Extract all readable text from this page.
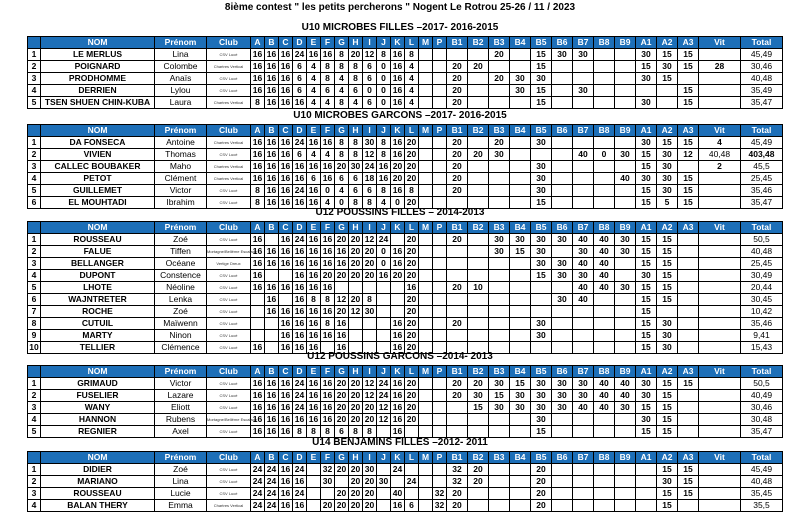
8ième contest " les petits percherons " Nogent Le Rotrou 25-26 / 11 / 2023
U10 MICROBES FILLES –2017- 2016-2015
	NOM	Prénom	Club	A	B	C	D	E	F	G	H	I	J	K	L	M	P	B1	B2	B3	B4	B5	B6	B7	B8	B9	A1	A2	A3	Vit	Total	
1	LE MERLUS	Lina	CSV Lucé	16	16	16	24	16	16	8	20	12	8	16	8					20		15	30	30			30	15	15		45,49	
2	POIGNARD	Colombe	Chartres Vertical	16	16	16	6	4	8	8	8	6	0	16	4			20	20			15					15	30	15	28	30,46	
3	PRODHOMME	Anaïs	CSV Lucé	16	16	16	6	4	8	4	8	6	0	16	4			20		20	30	30					30	15			40,48	
4	DERRIEN	Lylou	CSV Lucé	16	16	16	6	4	6	4	6	0	0	16	4			20			30	15		30					15		35,49	
5	TSEN SHUEN CHIN-KUBA	Laura	Chartres Vertical	8	16	16	16	4	4	8	4	6	0	16	4			20				15					30		15		35,47	
U10 MICROBES GARCONS –2017- 2016-2015
	NOM	Prénom	Club	A	B	C	D	E	F	G	H	I	J	K	L	M	P	B1	B2	B3	B4	B5	B6	B7	B8	B9	A1	A2	A3	Vit	Total	
1	DA FONSECA	Antoine	Chartres Vertical	16	16	16	24	16	16	8	8	30	8	16	20			20		20		30					30	15	15	4	45,49	
2	VIVIEN	Thomas	CSV Lucé	16	16	16	6	4	4	8	8	12	8	16	20			20	20	30				40	0	30	15	30	12	40,48	403,48	
3	CALLEC BOUBAKER	Maho	Chartres Vertical	16	16	16	16	16	16	20	30	24	16	20	20			20				30					15	30		2	45,5	
4	PETOT	Clément	Chartres Vertical	16	16	16	16	6	16	6	6	18	16	20	20			20				30				40	30	30	15		25,45	
5	GUILLEMET	Victor	CSV Lucé	8	16	16	24	16	0	4	6	6	8	16	8			20				30					15	30	15		35,46	
6	EL MOUHTADI	Ibrahim	CSV Lucé	8	16	16	16	16	4	0	8	8	4	0	20							15					15	5	15		35,47	
U12 POUSSINS FILLES – 2014-2013
	NOM	Prénom	Club	A	B	C	D	E	F	G	H	I	J	K	L	M	P	B1	B2	B3	B4	B5	B6	B7	B8	B9	A1	A2	A3	Vit	Total	
1	ROUSSEAU	Zoé	CSV Lucé	16		16	24	16	16	20	20	12	24		20			20		30	30	30	30	40	40	30	15	15			50,5	
2	FALUE	Tiffen	Mortagne/Bellême Escalade	16	16	16	16	16	16	16	20	20	0	16	20					30	15	30		30	40	30	15	15			40,48	
3	BELLANGER	Océane	Vertige Dreux	16	16	16	16	16	16	16	20	20	0	16	20							30	30	40	40		15	15			25,45	
4	DUPONT	Constence	CSV Lucé	16			16	16	20	20	20	20	16	20	20							15	30	30	40		30	15			30,49	
5	LHOTE	Néoline	CSV Lucé	16	16	16	16	16	16						16			20	10					40	40	30	15	15			20,44	
6	WAJNTRETER	Lenka	CSV Lucé		16		16	8	8	12	20	8			20								30	40			15	15			30,45	
7	ROCHE	Zoé	CSV Lucé		16	16	16	16	16	20	12	30			20												15				10,42	
8	CUTUIL	Maïwenn	CSV Lucé			16	16	16	8	16				16	20			20				30					15	30			35,46	
9	MARTY	Ninon	CSV Lucé			16	16	16	16	16				16	20							30					15	30			9,41	
10	TELLIER	Clémence	CSV Lucé	16		16	16	16		16				16	20												15	30			15,43	
U12 POUSSINS GARCONS –2014- 2013
	NOM	Prénom	Club	A	B	C	D	E	F	G	H	I	J	K	L	M	P	B1	B2	B3	B4	B5	B6	B7	B8	B9	A1	A2	A3	Vit	Total	
1	GRIMAUD	Victor	CSV Lucé	16	16	16	24	16	16	20	20	12	24	16	20			20	20	30	15	30	30	30	40	40	30	15	15		50,5	
2	FUSELIER	Lazare	CSV Lucé	16	16	16	24	16	16	20	20	12	24	16	20			20	30	15	30	30	30	30	40	40	30	15			40,49	
3	WANY	Eliott	CSV Lucé	16	16	16	24	16	16	20	20	20	12	16	20				15	30	30	30	30	40	40	30	15	15			30,46	
4	HANNON	Rubens	Mortagne/Bellême Escalade	16	16	16	16	16	16	20	20	20	12	16	20							30					30	15			30,48	
5	REGNIER	Axel	CSV Lucé	16	16	16	8	8	8	6	8	8		16								15					15	15			35,47	
U14 BENJAMINS FILLES –2012- 2011
	NOM	Prénom	Club	A	B	C	D	E	F	G	H	I	J	K	L	M	P	B1	B2	B3	B4	B5	B6	B7	B8	B9	A1	A2	A3	Vit	Total	
1	DIDIER	Zoé	CSV Lucé	24	24	16	24		32	20	20	30		24				32	20			20						15	15		45,49	
2	MARIANO	Lina	CSV Lucé	24	24	16	16		30		20	20	30		24			32	20			20						30	15		40,48	
3	ROUSSEAU	Lucie	CSV Lucé	24	24	16	24			20	20	20		40			32	20				20						15	15		35,45	
4	BALAN THERY	Emma	Chartres Vertical	24	24	16	16		20	20	20	20		16	6		32	20				20						15			35,5	
